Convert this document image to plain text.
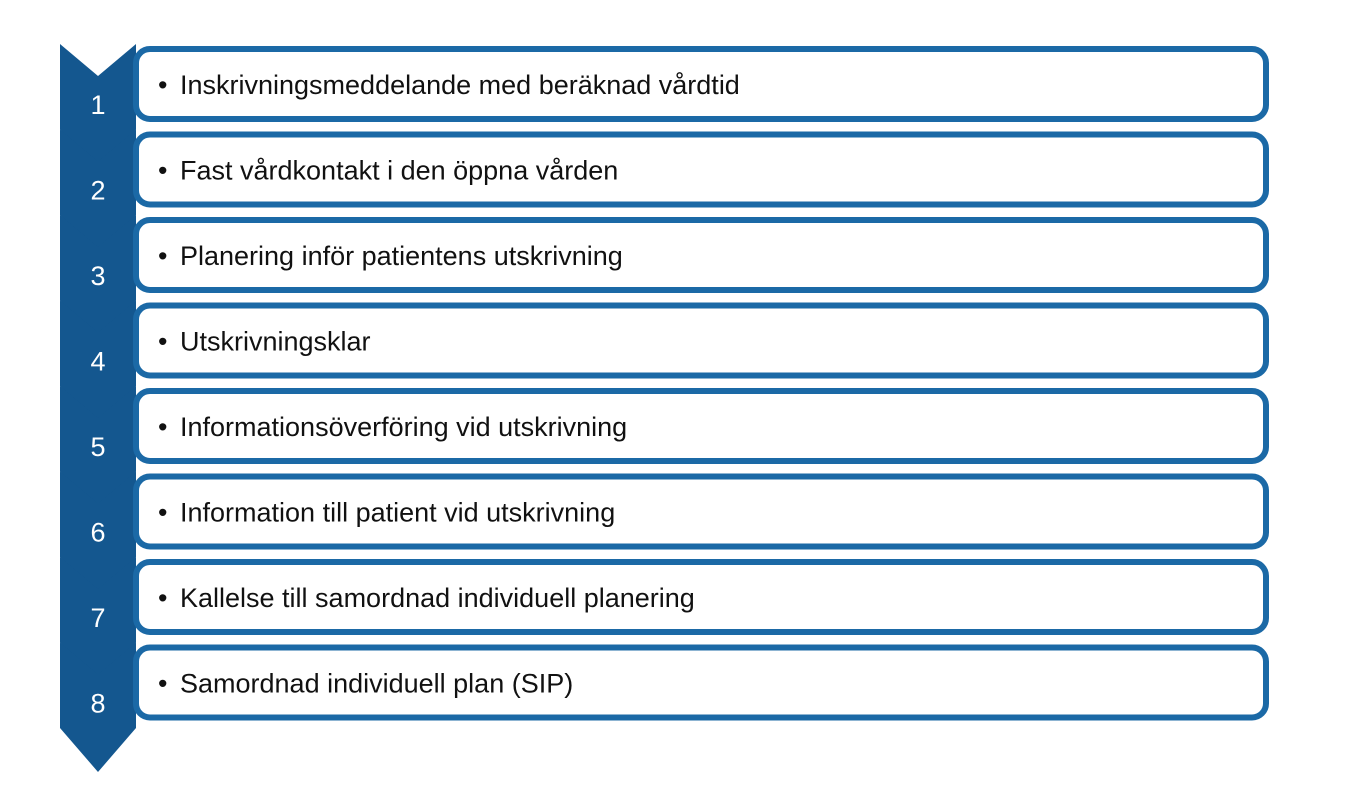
1
• Inskrivningsmeddelande med beräknad vårdtid
2
• Fast vårdkontakt i den öppna vården
3
• Planering inför patientens utskrivning
4
• Utskrivningsklar
5
• Informationsöverföring vid utskrivning
6
• Information till patient vid utskrivning
7
• Kallelse till samordnad individuell planering
8
• Samordnad individuell plan (SIP)
